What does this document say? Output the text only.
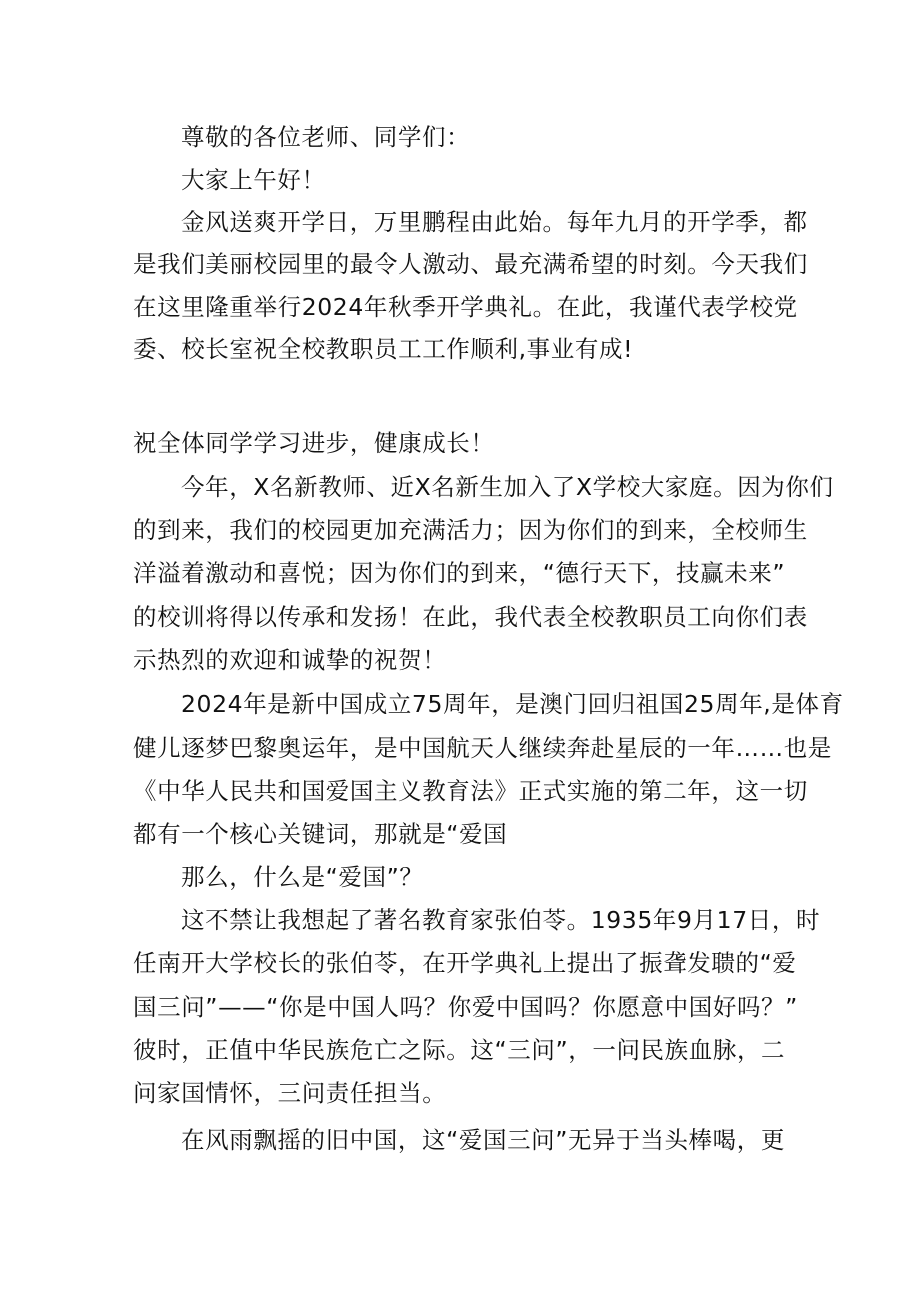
尊敬的各位老师、同学们：
大家上午好！
金风送爽开学日，万里鹏程由此始。每年九月的开学季，都
是我们美丽校园里的最令人激动、最充满希望的时刻。今天我们
在这里隆重举行2024年秋季开学典礼。在此，我谨代表学校党
委、校长室祝全校教职员工工作顺利,事业有成!
祝全体同学学习进步，健康成长！
今年，X名新教师、近X名新生加入了X学校大家庭。因为你们
的到来，我们的校园更加充满活力；因为你们的到来，全校师生
洋溢着激动和喜悦；因为你们的到来，“德行天下，技赢未来”
的校训将得以传承和发扬！在此，我代表全校教职员工向你们表
示热烈的欢迎和诚挚的祝贺！
2024年是新中国成立75周年，是澳门回归祖国25周年,是体育
健儿逐梦巴黎奥运年，是中国航天人继续奔赴星辰的一年……也是
《中华人民共和国爱国主义教育法》正式实施的第二年，这一切
都有一个核心关键词，那就是“爱国
那么，什么是“爱国”？
这不禁让我想起了著名教育家张伯苓。1935年9月17日，时
任南开大学校长的张伯苓，在开学典礼上提出了振聋发聩的“爱
国三问”——“你是中国人吗？你爱中国吗？你愿意中国好吗？”
彼时，正值中华民族危亡之际。这“三问”，一问民族血脉，二
问家国情怀，三问责任担当。
在风雨飘摇的旧中国，这“爱国三问”无异于当头棒喝，更
